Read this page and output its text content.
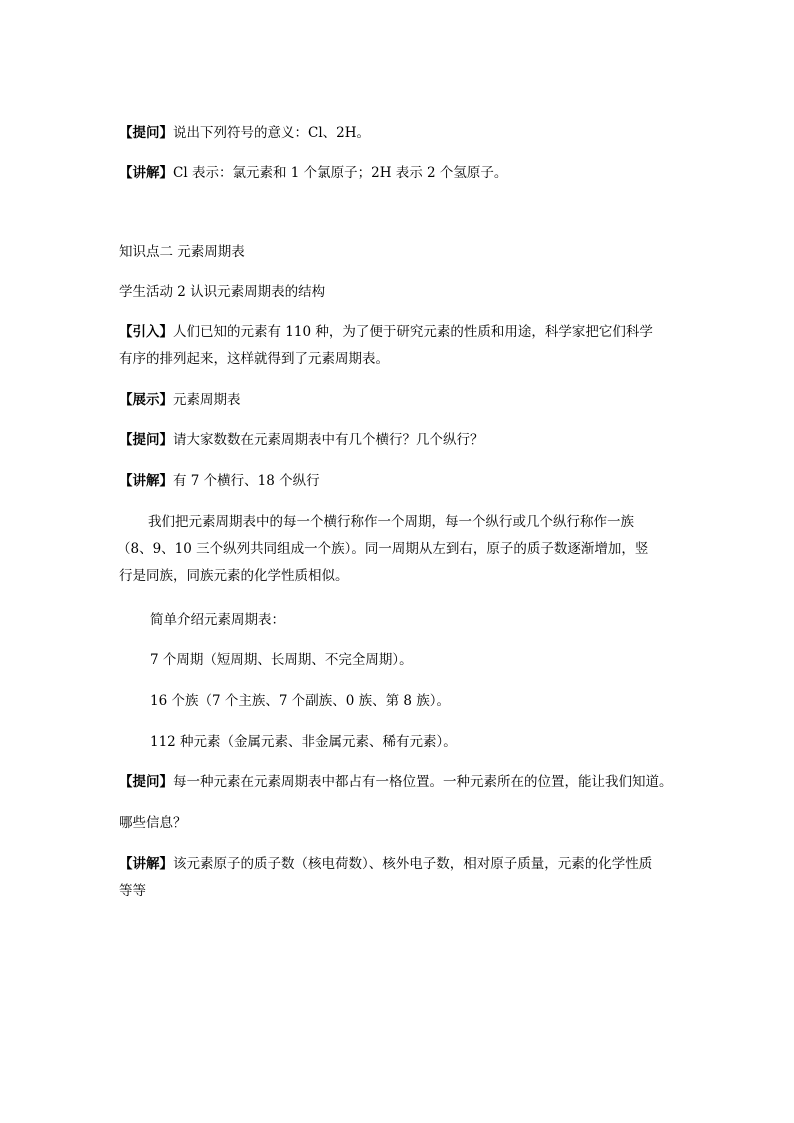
【提问】说出下列符号的意义：Cl、2H。
【讲解】Cl 表示：氯元素和 1 个氯原子；2H 表示 2 个氢原子。
知识点二 元素周期表
学生活动 2 认识元素周期表的结构
【引入】人们已知的元素有 110 种，为了便于研究元素的性质和用途，科学家把它们科学
有序的排列起来，这样就得到了元素周期表。
【展示】元素周期表
【提问】请大家数数在元素周期表中有几个横行？几个纵行？
【讲解】有 7 个横行、18 个纵行
我们把元素周期表中的每一个横行称作一个周期，每一个纵行或几个纵行称作一族
（8、9、10 三个纵列共同组成一个族）。同一周期从左到右，原子的质子数逐渐增加，竖
行是同族，同族元素的化学性质相似。
简单介绍元素周期表：
7 个周期（短周期、长周期、不完全周期）。
16 个族（7 个主族、7 个副族、0 族、第 8 族）。
112 种元素（金属元素、非金属元素、稀有元素）。
【提问】每一种元素在元素周期表中都占有一格位置。一种元素所在的位置，能让我们知道。
哪些信息？
【讲解】该元素原子的质子数（核电荷数）、核外电子数，相对原子质量，元素的化学性质
等等
